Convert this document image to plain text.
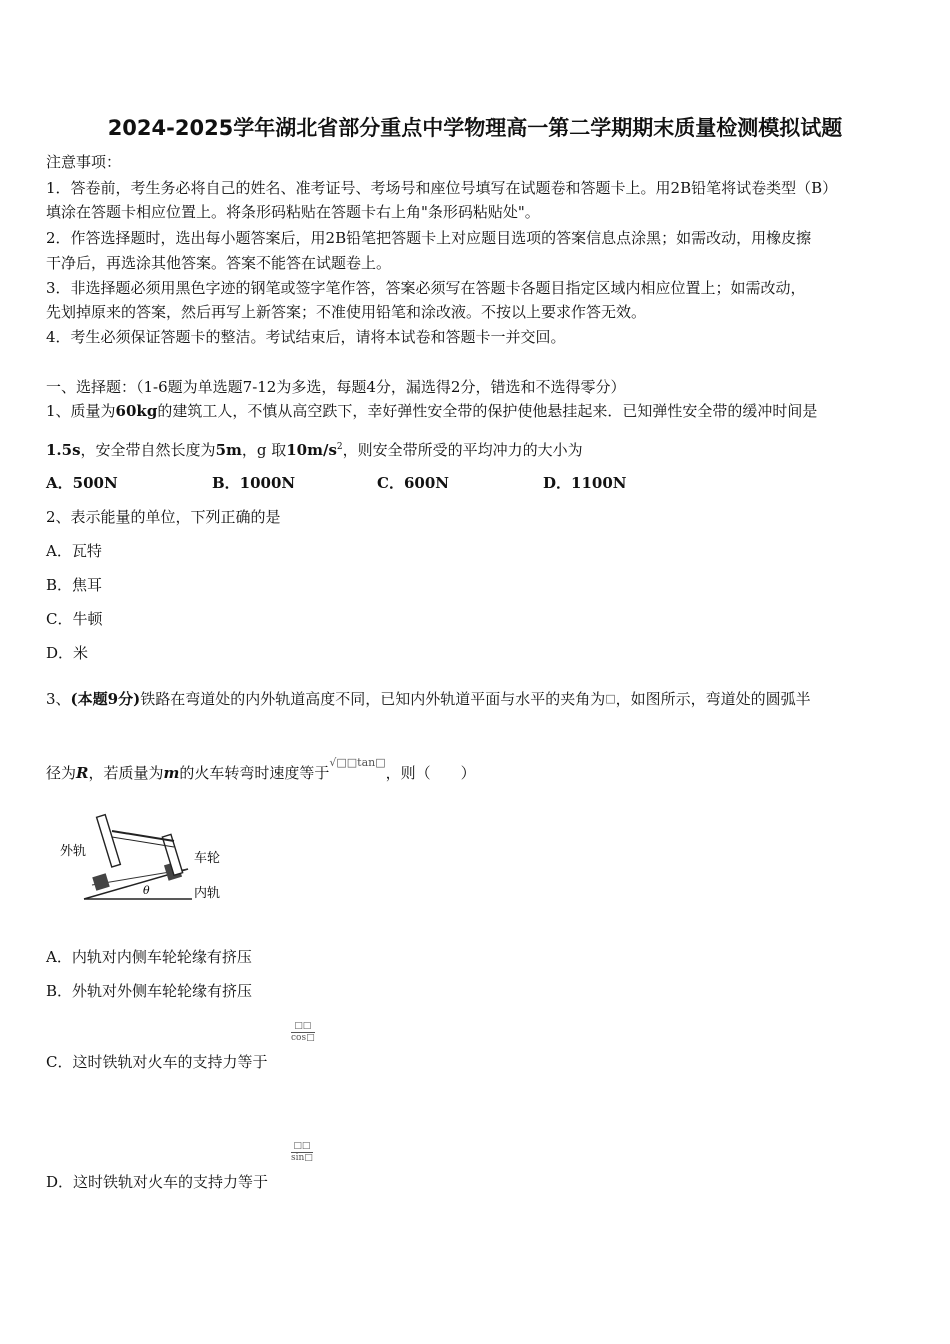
2024-2025学年湖北省部分重点中学物理高一第二学期期末质量检测模拟试题
注意事项：
1．答卷前，考生务必将自己的姓名、准考证号、考场号和座位号填写在试题卷和答题卡上。用2B铅笔将试卷类型（B）
填涂在答题卡相应位置上。将条形码粘贴在答题卡右上角"条形码粘贴处"。
2．作答选择题时，选出每小题答案后，用2B铅笔把答题卡上对应题目选项的答案信息点涂黑；如需改动，用橡皮擦
干净后，再选涂其他答案。答案不能答在试题卷上。
3．非选择题必须用黑色字迹的钢笔或签字笔作答，答案必须写在答题卡各题目指定区域内相应位置上；如需改动，
先划掉原来的答案，然后再写上新答案；不准使用铅笔和涂改液。不按以上要求作答无效。
4．考生必须保证答题卡的整洁。考试结束后，请将本试卷和答题卡一并交回。
一、选择题：（1-6题为单选题7-12为多选，每题4分，漏选得2分，错选和不选得零分）
1、质量为60kg的建筑工人，不慎从高空跌下，幸好弹性安全带的保护使他悬挂起来．已知弹性安全带的缓冲时间是
1.5s，安全带自然长度为5m，g 取$10m/s^2$，则安全带所受的平均冲力的大小为
A．500N	B．1000N	C．600N	D．1100N
2、表示能量的单位，下列正确的是
A．瓦特
B．焦耳
C．牛顿
D．米
3、(本题9分)铁路在弯道处的内外轨道高度不同，已知内外轨道平面与水平的夹角为□，如图所示，弯道处的圆弧半
径为R，若质量为m的火车转弯时速度等于√□□tan□，则（　　）
外轨	车轮
内轨
θ
A．内轨对内侧车轮轮缘有挤压
B．外轨对外侧车轮轮缘有挤压
C．这时铁轨对火车的支持力等于
□□
cos□
D．这时铁轨对火车的支持力等于
□□
sin□
